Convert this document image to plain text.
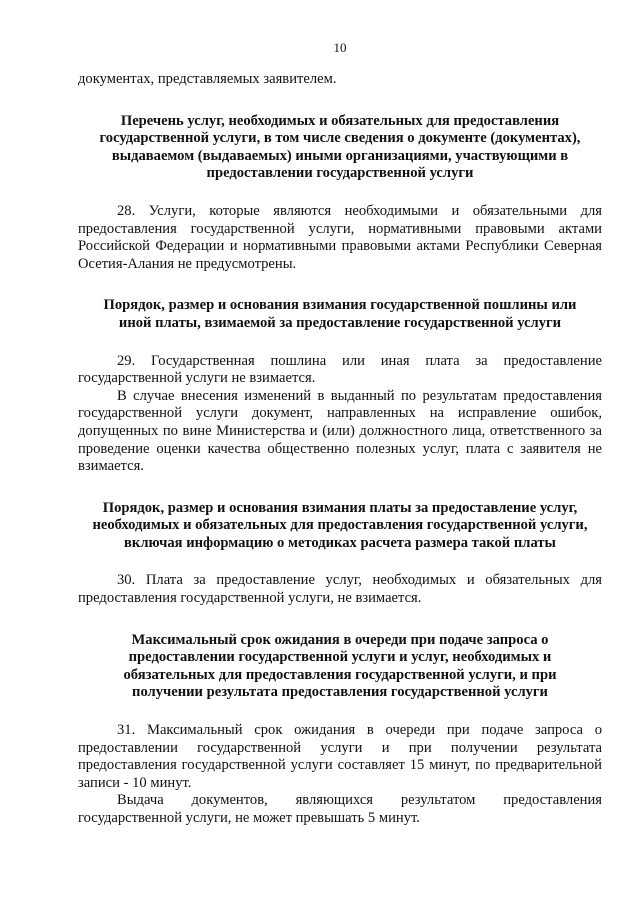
10

документах, представляемых заявителем.

Перечень услуг, необходимых и обязательных для предоставления
государственной услуги, в том числе сведения о документе (документах),
выдаваемом (выдаваемых) иными организациями, участвующими в
предоставлении государственной услуги

28. Услуги, которые являются необходимыми и обязательными для предоставления государственной услуги, нормативными правовыми актами Российской Федерации и нормативными правовыми актами Республики Северная Осетия-Алания не предусмотрены.

Порядок, размер и основания взимания государственной пошлины или
иной платы, взимаемой за предоставление государственной услуги

29. Государственная пошлина или иная плата за предоставление государственной услуги не взимается.

В случае внесения изменений в выданный по результатам предоставления государственной услуги документ, направленных на исправление ошибок, допущенных по вине Министерства и (или) должностного лица, ответственного за проведение оценки качества общественно полезных услуг, плата с заявителя не взимается.

Порядок, размер и основания взимания платы за предоставление услуг,
необходимых и обязательных для предоставления государственной услуги,
включая информацию о методиках расчета размера такой платы

30. Плата за предоставление услуг, необходимых и обязательных для предоставления государственной услуги, не взимается.

Максимальный срок ожидания в очереди при подаче запроса о
предоставлении государственной услуги и услуг, необходимых и
обязательных для предоставления государственной услуги, и при
получении результата предоставления государственной услуги

31. Максимальный срок ожидания в очереди при подаче запроса о предоставлении государственной услуги и при получении результата предоставления государственной услуги составляет 15 минут, по предварительной записи - 10 минут.

Выдача документов, являющихся результатом предоставления государственной услуги, не может превышать 5 минут.
